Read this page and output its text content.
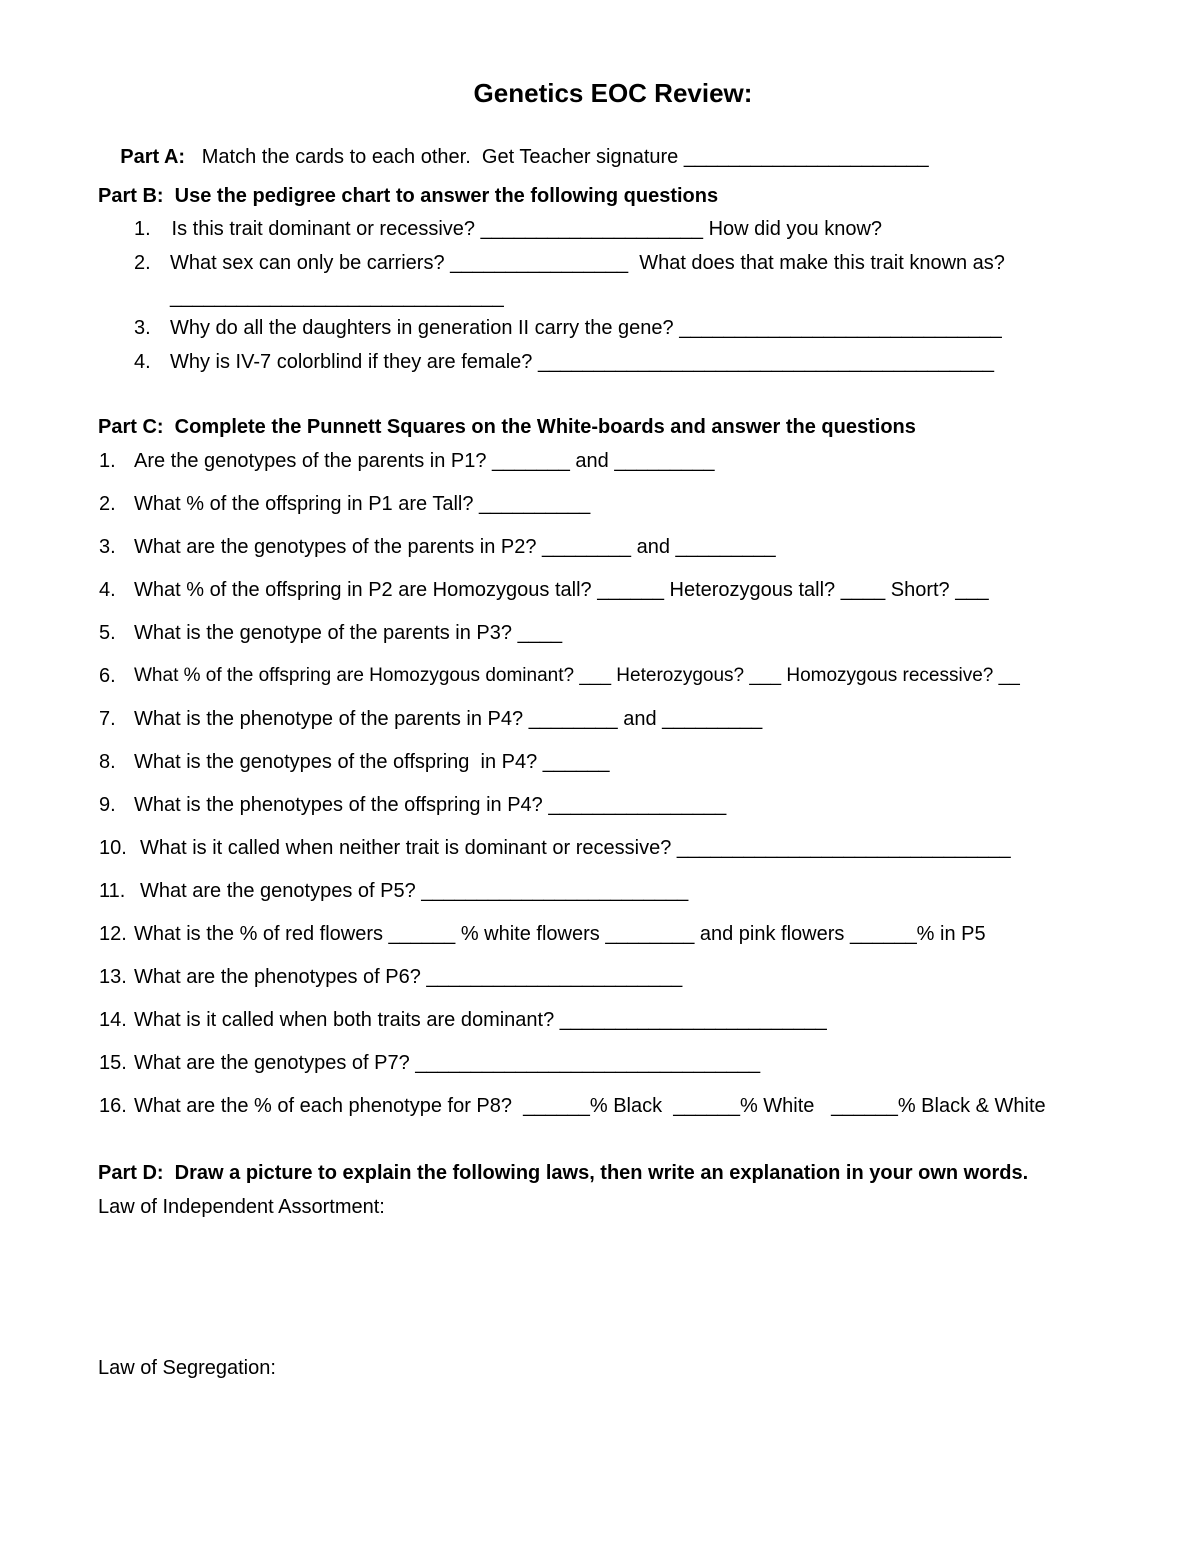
Genetics EOC Review:

Part A: Match the cards to each other.  Get Teacher signature ______________________

Part B:  Use the pedigree chart to answer the following questions
1. Is this trait dominant or recessive? ____________________ How did you know?
2. What sex can only be carriers? ________________  What does that make this trait known as?
______________________________
3. Why do all the daughters in generation II carry the gene? _____________________________
4. Why is IV-7 colorblind if they are female? _________________________________________
Part C:  Complete the Punnett Squares on the White-boards and answer the questions
1. Are the genotypes of the parents in P1? _______ and _________
2. What % of the offspring in P1 are Tall? __________
3. What are the genotypes of the parents in P2? ________ and _________
4. What % of the offspring in P2 are Homozygous tall? ______ Heterozygous tall? ____ Short? ___
5. What is the genotype of the parents in P3? ____
6. What % of the offspring are Homozygous dominant? ___ Heterozygous? ___ Homozygous recessive? __
7. What is the phenotype of the parents in P4? ________ and _________
8. What is the genotypes of the offspring  in P4? ______
9. What is the phenotypes of the offspring in P4? ________________
10. What is it called when neither trait is dominant or recessive? ______________________________
11. What are the genotypes of P5? ________________________
12. What is the % of red flowers ______ % white flowers ________ and pink flowers ______% in P5
13. What are the phenotypes of P6? _______________________
14. What is it called when both traits are dominant? ________________________
15. What are the genotypes of P7? _______________________________
16. What are the % of each phenotype for P8?  ______% Black  ______% White   ______% Black & White
Part D:  Draw a picture to explain the following laws, then write an explanation in your own words.
Law of Independent Assortment:
Law of Segregation:
